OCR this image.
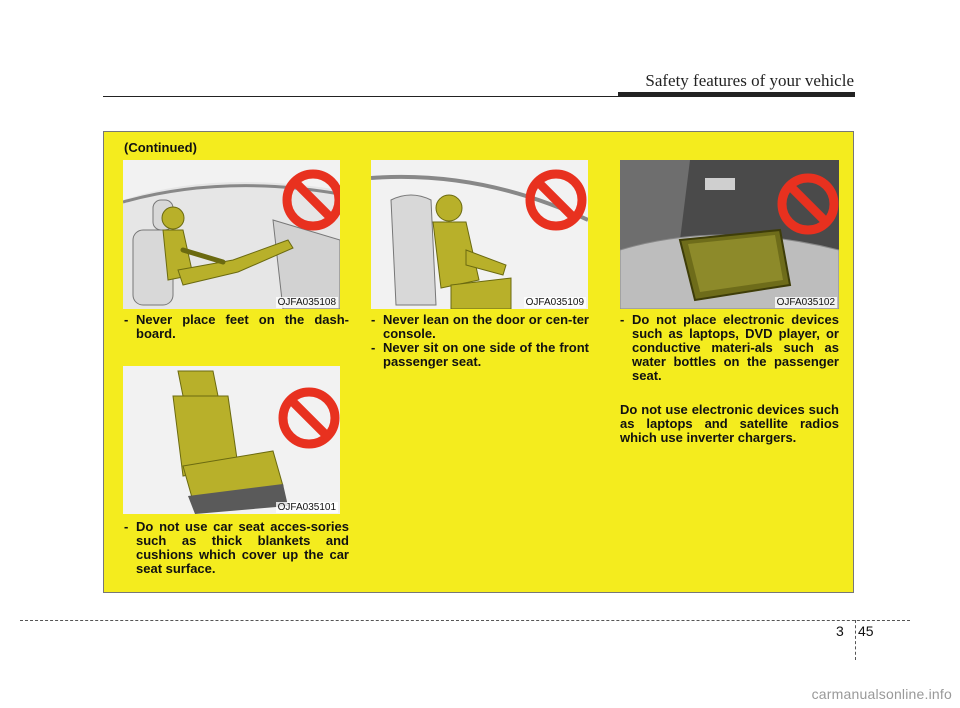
Safety features of your vehicle
(Continued)
OJFA035108	OJFA035109	OJFA035102
OJFA035101
- Never place feet on the dash-board.
- Never lean on the door or cen-ter console.
- Never sit on one side of the front passenger seat.
- Do not place electronic devices such as laptops, DVD player, or conductive materi-als such as water bottles on the passenger seat.
Do not use electronic devices such as laptops and satellite radios which use inverter chargers.
- Do not use car seat acces-sories such as thick blankets and cushions which cover up the car seat surface.
3 45
carmanualsonline.info
